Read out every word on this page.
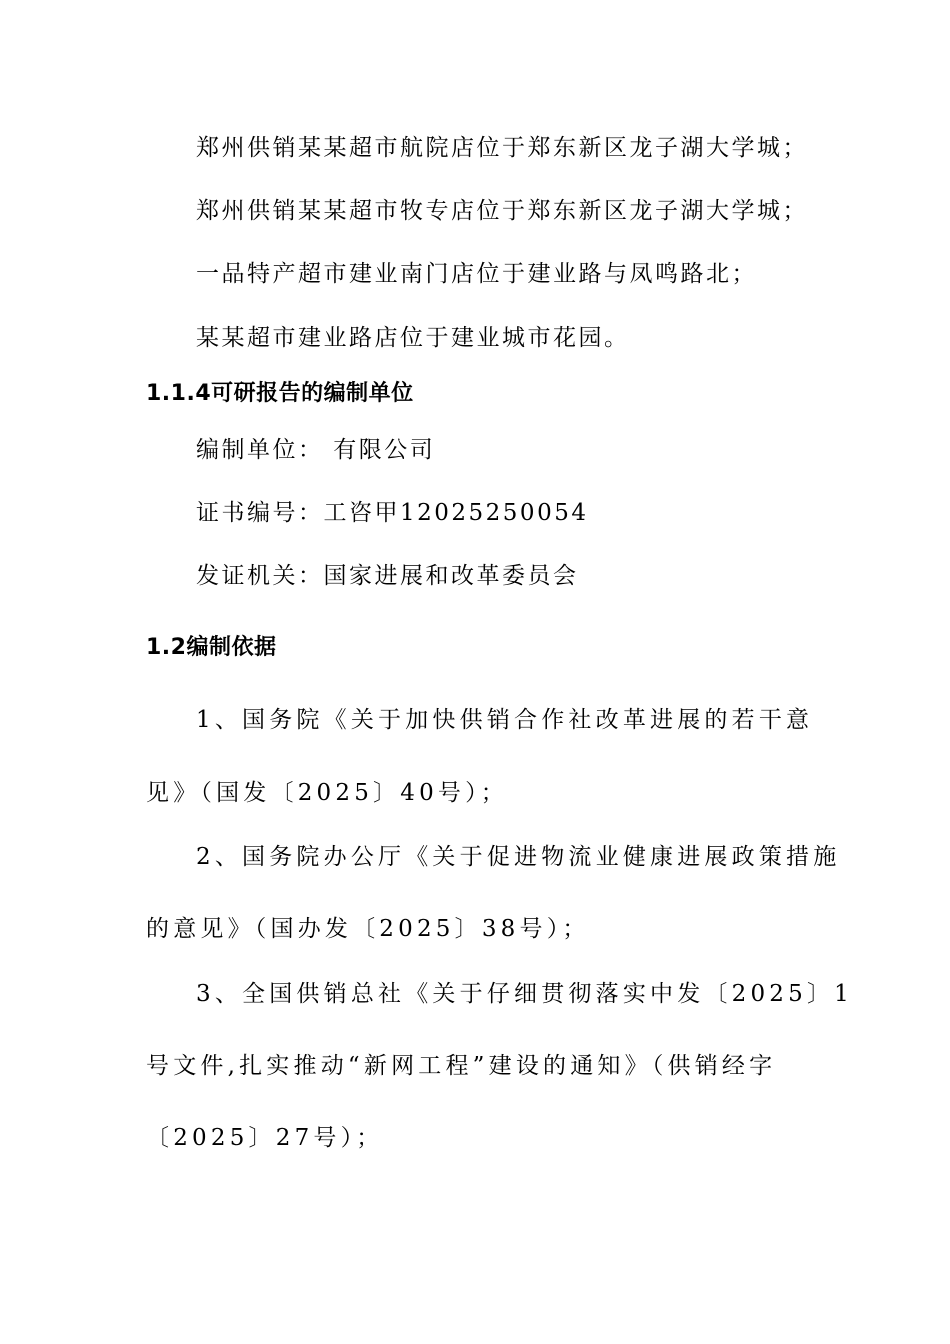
郑州供销某某超市航院店位于郑东新区龙子湖大学城；
郑州供销某某超市牧专店位于郑东新区龙子湖大学城；
一品特产超市建业南门店位于建业路与凤鸣路北；
某某超市建业路店位于建业城市花园。
1.1.4可研报告的编制单位
编制单位： 有限公司
证书编号：工咨甲12025250054
发证机关：国家进展和改革委员会
1.2编制依据
1、国务院《关于加快供销合作社改革进展的若干意
见》（国发〔2025〕40号）；
2、国务院办公厅《关于促进物流业健康进展政策措施
的意见》（国办发〔2025〕38号）；
3、全国供销总社《关于仔细贯彻落实中发〔2025〕1
号文件,扎实推动“新网工程”建设的通知》（供销经字
〔2025〕27号）；
